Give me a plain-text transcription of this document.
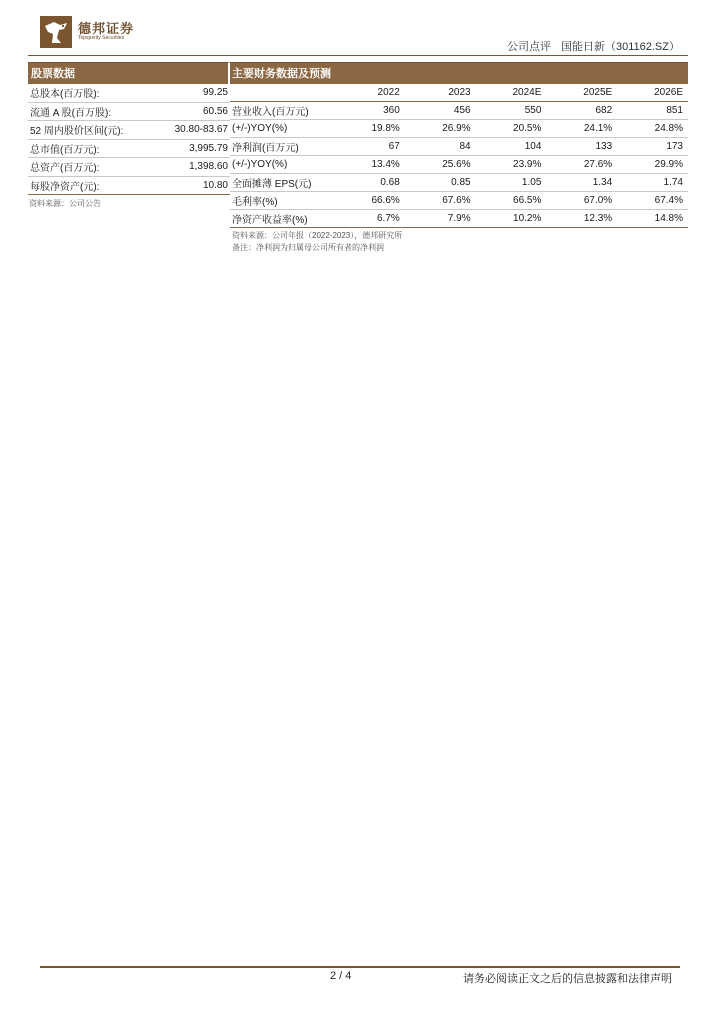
德邦证券
Topsperity Securities
公司点评 国能日新（301162.SZ）
股票数据
总股本(百万股):	99.25
流通 A 股(百万股):	60.56
52 周内股价区间(元):	30.80-83.67
总市值(百万元):	3,995.79
总资产(百万元):	1,398.60
每股净资产(元):	10.80
资料来源：公司公告
主要财务数据及预测
	2022	2023	2024E	2025E	2026E
营业收入(百万元)	360	456	550	682	851
(+/-)YOY(%)	19.8%	26.9%	20.5%	24.1%	24.8%
净利润(百万元)	67	84	104	133	173
(+/-)YOY(%)	13.4%	25.6%	23.9%	27.6%	29.9%
全面摊薄 EPS(元)	0.68	0.85	1.05	1.34	1.74
毛利率(%)	66.6%	67.6%	66.5%	67.0%	67.4%
净资产收益率(%)	6.7%	7.9%	10.2%	12.3%	14.8%
资料来源：公司年报（2022-2023），德邦研究所
备注：净利润为归属母公司所有者的净利润
2 / 4	请务必阅读正文之后的信息披露和法律声明
